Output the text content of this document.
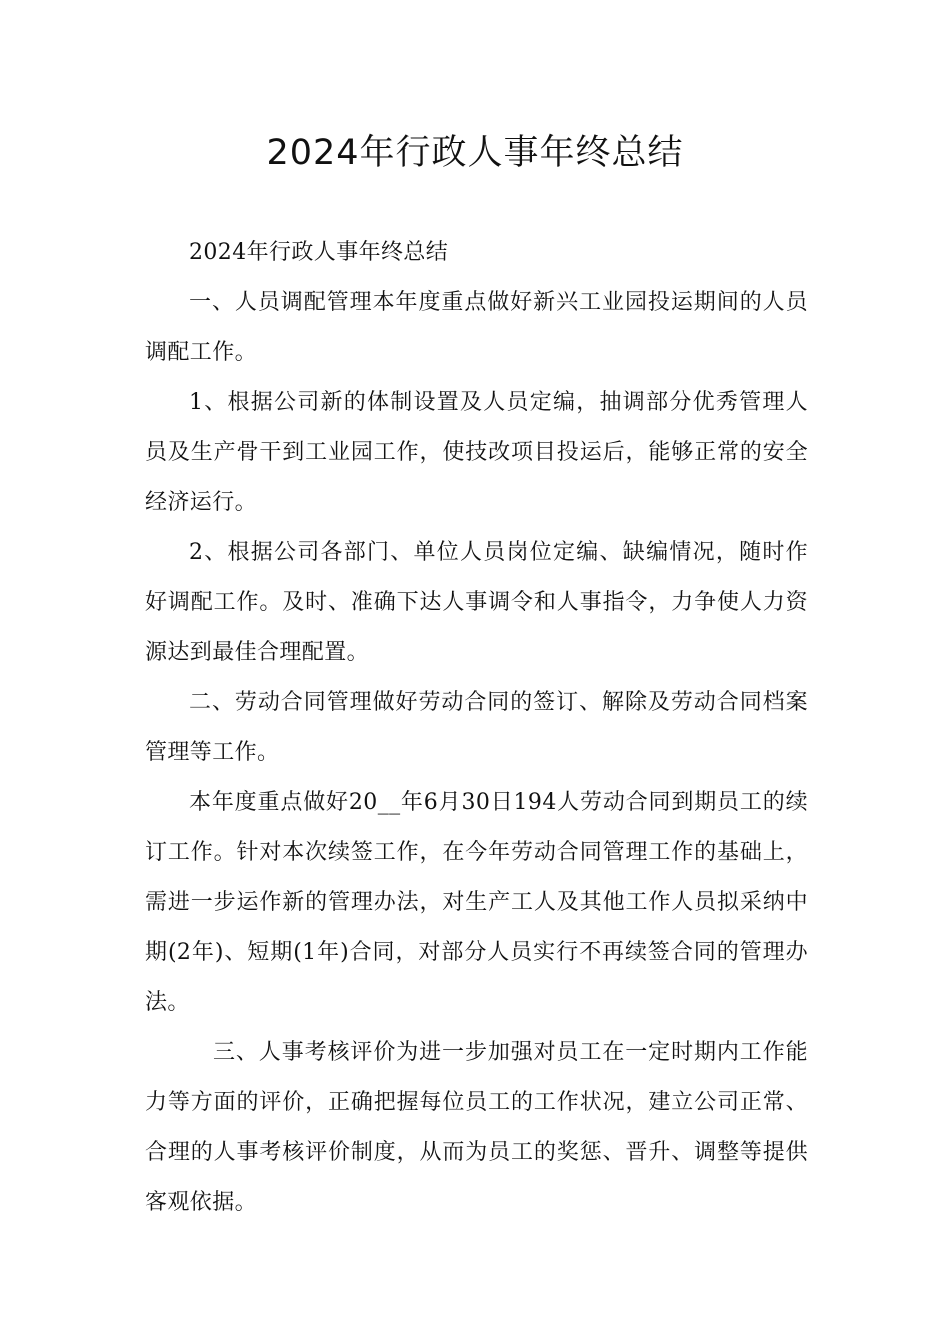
2024年行政人事年终总结

2024年行政人事年终总结

一、人员调配管理本年度重点做好新兴工业园投运期间的人员调配工作。

1、根据公司新的体制设置及人员定编，抽调部分优秀管理人员及生产骨干到工业园工作，使技改项目投运后，能够正常的安全经济运行。

2、根据公司各部门、单位人员岗位定编、缺编情况，随时作好调配工作。及时、准确下达人事调令和人事指令，力争使人力资源达到最佳合理配置。

二、劳动合同管理做好劳动合同的签订、解除及劳动合同档案管理等工作。

本年度重点做好20__年6月30日194人劳动合同到期员工的续订工作。针对本次续签工作，在今年劳动合同管理工作的基础上，需进一步运作新的管理办法，对生产工人及其他工作人员拟采纳中期(2年)、短期(1年)合同，对部分人员实行不再续签合同的管理办法。

三、人事考核评价为进一步加强对员工在一定时期内工作能力等方面的评价，正确把握每位员工的工作状况，建立公司正常、合理的人事考核评价制度，从而为员工的奖惩、晋升、调整等提供客观依据。
